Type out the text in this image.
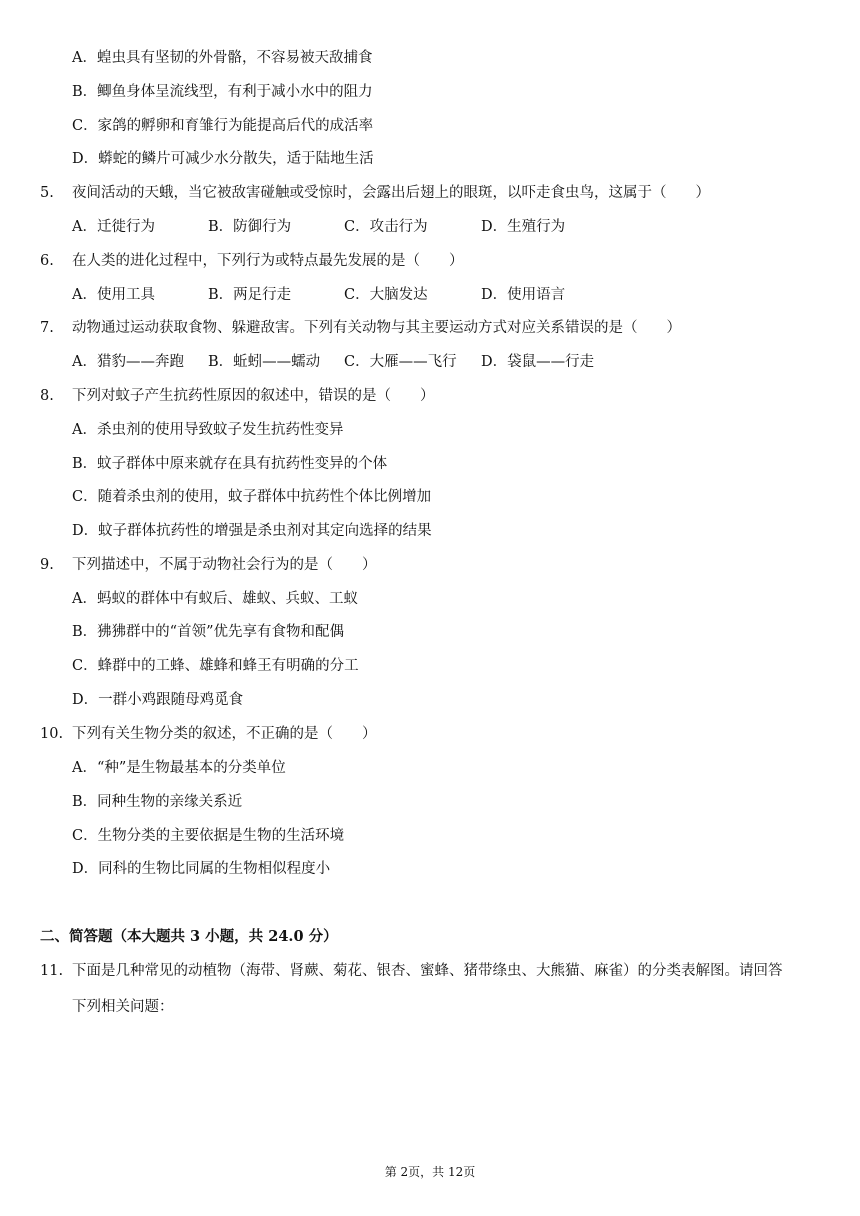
A．蝗虫具有坚韧的外骨骼，不容易被天敌捕食
B．鲫鱼身体呈流线型，有利于减小水中的阻力
C．家鸽的孵卵和育雏行为能提高后代的成活率
D．蟒蛇的鳞片可减少水分散失，适于陆地生活
5. 夜间活动的天蛾，当它被敌害碰触或受惊时，会露出后翅上的眼斑，以吓走食虫鸟，这属于（　　）
A．迁徙行为	B．防御行为	C．攻击行为	D．生殖行为
6. 在人类的进化过程中，下列行为或特点最先发展的是（　　）
A．使用工具	B．两足行走	C．大脑发达	D．使用语言
7. 动物通过运动获取食物、躲避敌害。下列有关动物与其主要运动方式对应关系错误的是（　　）
A．猎豹——奔跑 B．蚯蚓——蠕动 C．大雁——飞行 D．袋鼠——行走
8. 下列对蚊子产生抗药性原因的叙述中，错误的是（　　）
A．杀虫剂的使用导致蚊子发生抗药性变异
B．蚊子群体中原来就存在具有抗药性变异的个体
C．随着杀虫剂的使用，蚊子群体中抗药性个体比例增加
D．蚊子群体抗药性的增强是杀虫剂对其定向选择的结果
9. 下列描述中，不属于动物社会行为的是（　　）
A．蚂蚁的群体中有蚁后、雄蚁、兵蚁、工蚁
B．狒狒群中的“首领”优先享有食物和配偶
C．蜂群中的工蜂、雄蜂和蜂王有明确的分工
D．一群小鸡跟随母鸡觅食
10. 下列有关生物分类的叙述，不正确的是（　　）
A．“种”是生物最基本的分类单位
B．同种生物的亲缘关系近
C．生物分类的主要依据是生物的生活环境
D．同科的生物比同属的生物相似程度小
二、简答题（本大题共 3 小题，共 24.0 分）
11. 下面是几种常见的动植物（海带、肾蕨、菊花、银杏、蜜蜂、猪带绦虫、大熊猫、麻雀）的分类表解图。请回答
下列相关问题：
第 2页，共 12页
